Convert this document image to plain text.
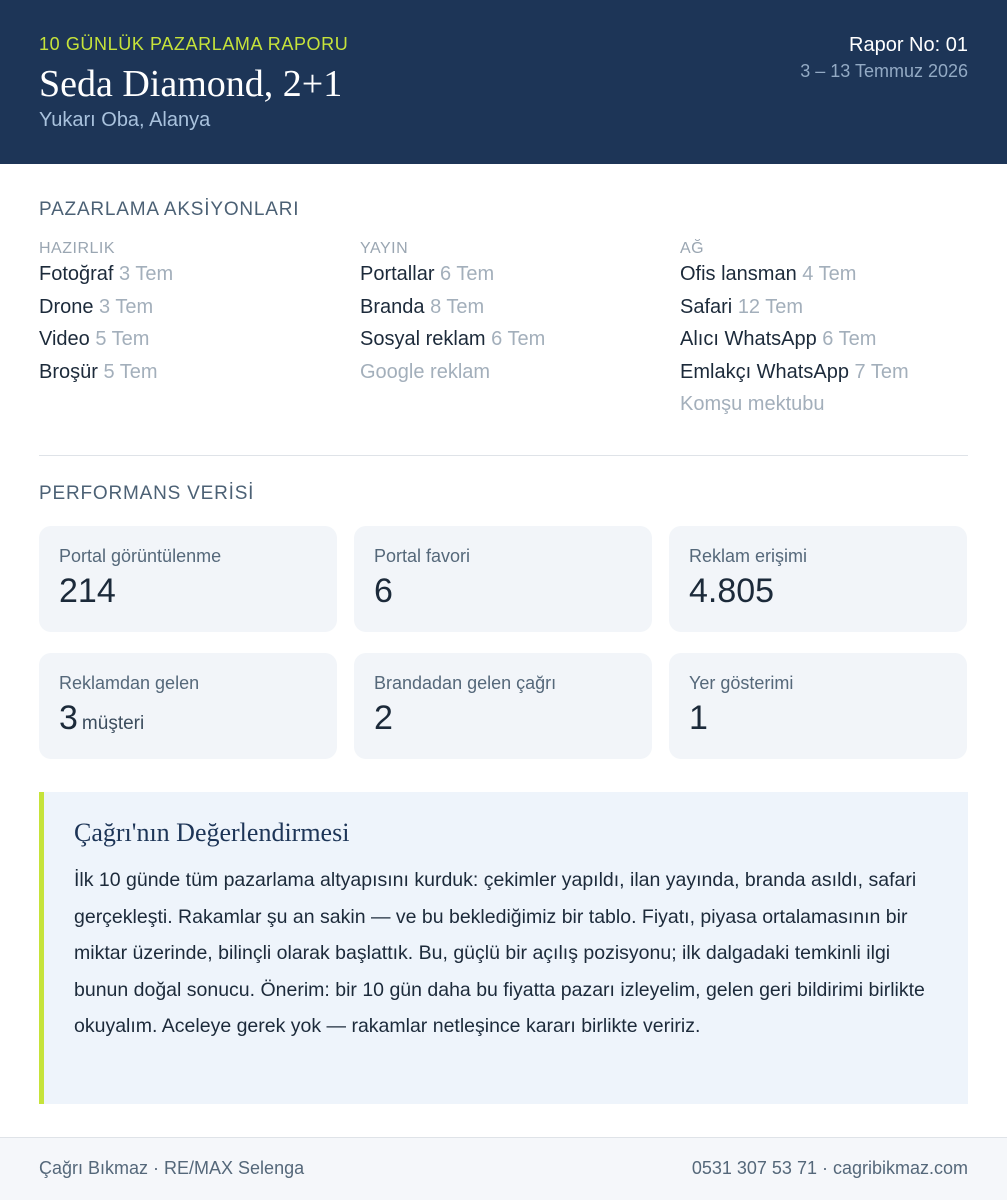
10 GÜNLÜK PAZARLAMA RAPORU
Seda Diamond, 2+1
Yukarı Oba, Alanya
Rapor No: 01
3 – 13 Temmuz 2026
PAZARLAMA AKSİYONLARI
HAZIRLIK
Fotoğraf 3 Tem
Drone 3 Tem
Video 5 Tem
Broşür 5 Tem
YAYIN
Portallar 6 Tem
Branda 8 Tem
Sosyal reklam 6 Tem
Google reklam
AĞ
Ofis lansman 4 Tem
Safari 12 Tem
Alıcı WhatsApp 6 Tem
Emlakçı WhatsApp 7 Tem
Komşu mektubu
PERFORMANS VERİSİ
Portal görüntülenme
214
Portal favori
6
Reklam erişimi
4.805
Reklamdan gelen
3 müşteri
Brandadan gelen çağrı
2
Yer gösterimi
1
Çağrı'nın Değerlendirmesi
İlk 10 günde tüm pazarlama altyapısını kurduk: çekimler yapıldı, ilan yayında, branda asıldı, safari gerçekleşti. Rakamlar şu an sakin — ve bu beklediğimiz bir tablo. Fiyatı, piyasa ortalamasının bir miktar üzerinde, bilinçli olarak başlattık. Bu, güçlü bir açılış pozisyonu; ilk dalgadaki temkinli ilgi bunun doğal sonucu. Önerim: bir 10 gün daha bu fiyatta pazarı izleyelim, gelen geri bildirimi birlikte okuyalım. Aceleye gerek yok — rakamlar netleşince kararı birlikte veririz.
Çağrı Bıkmaz · RE/MAX Selenga	0531 307 53 71 · cagribikmaz.com
